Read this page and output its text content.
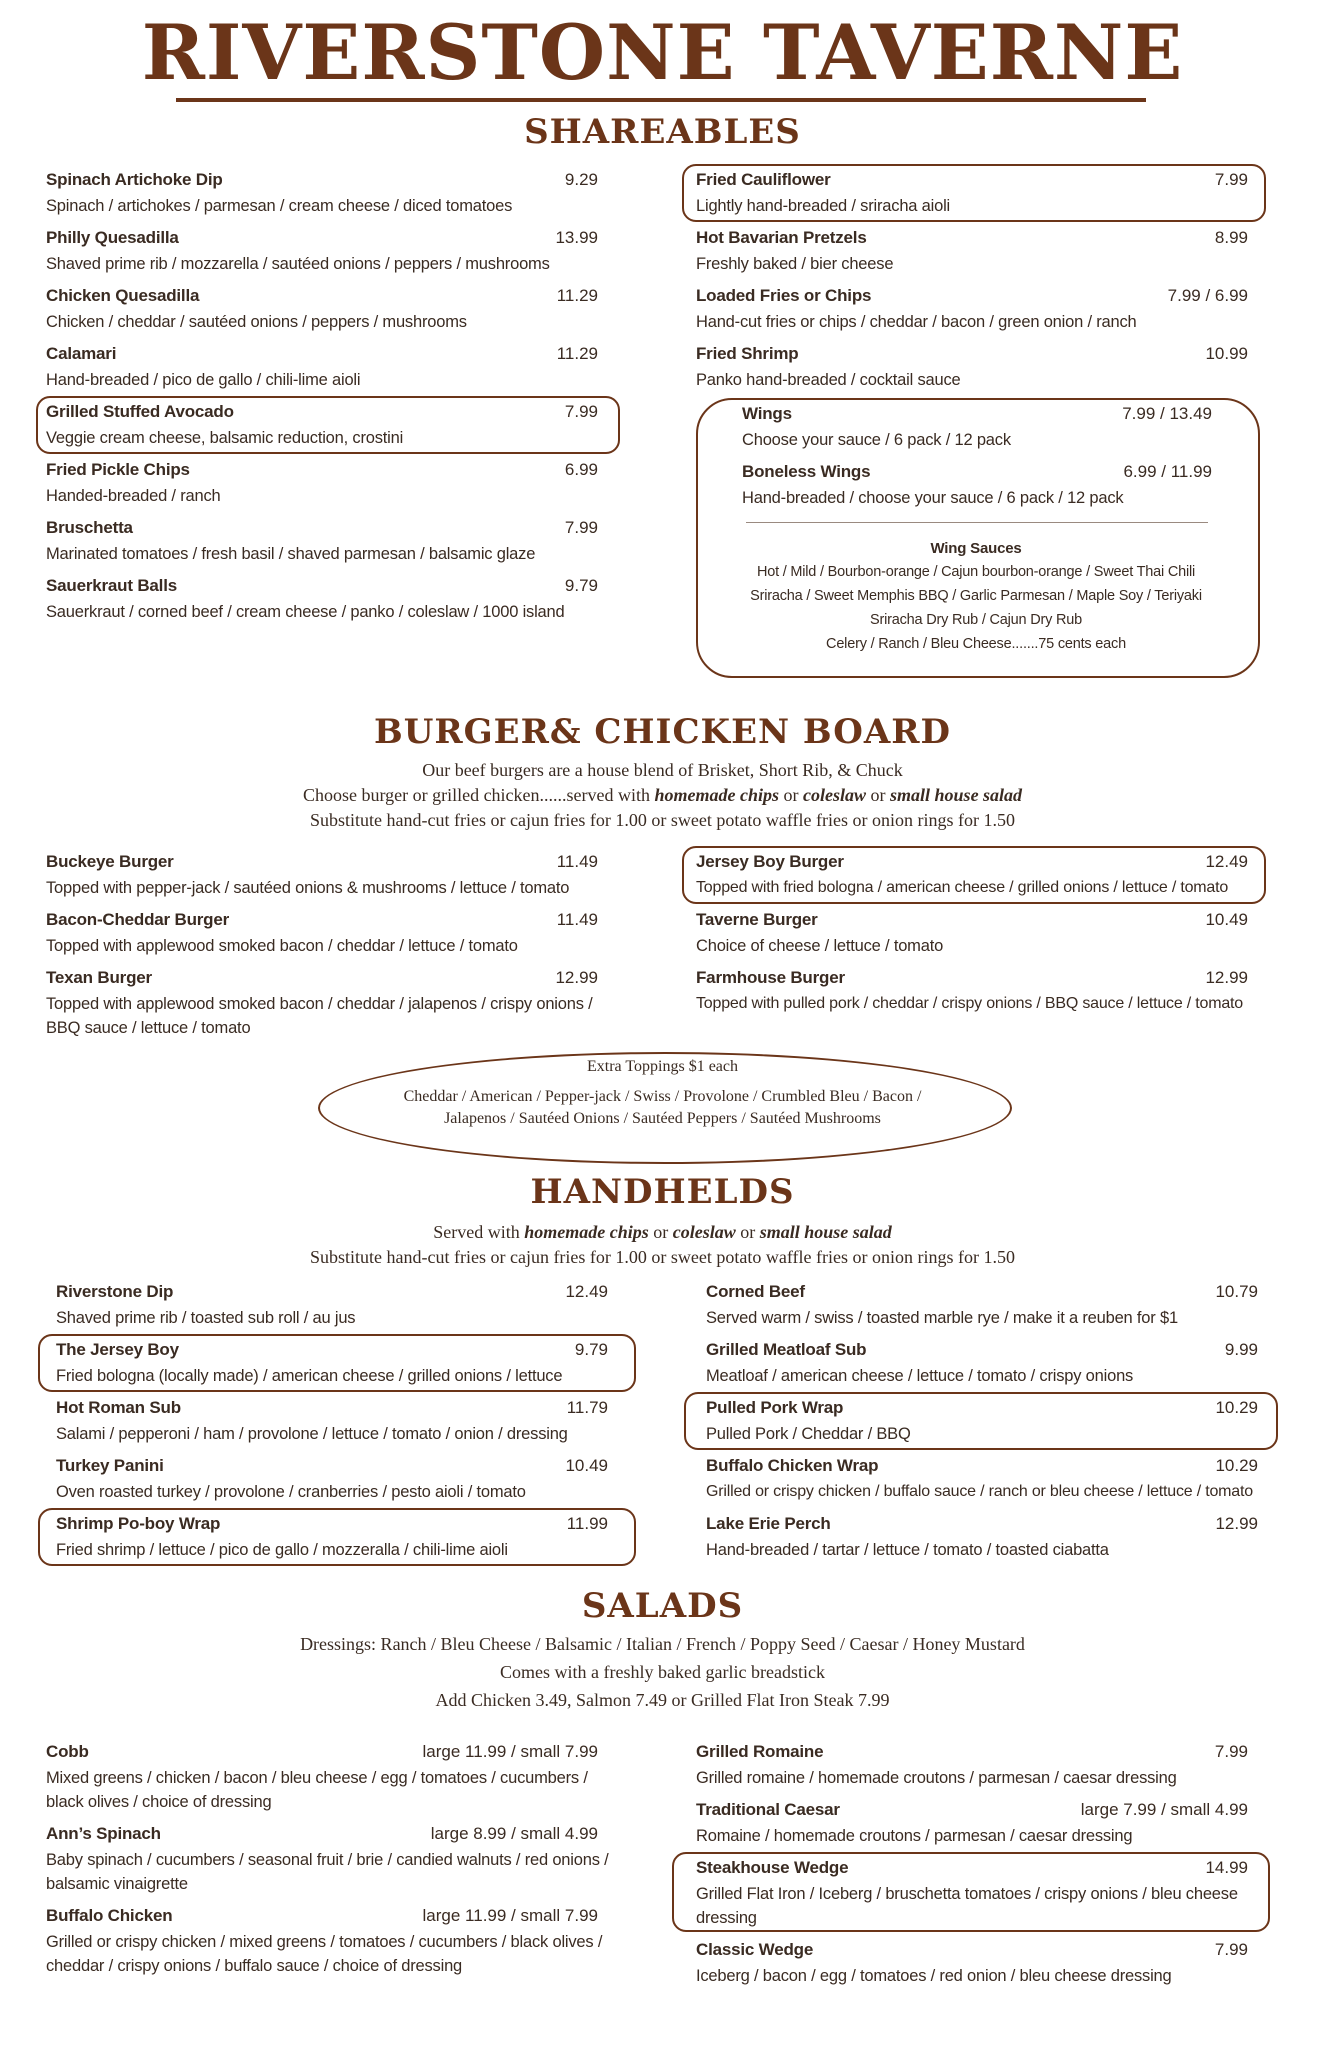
RIVERSTONE TAVERNE
SHAREABLES
Spinach Artichoke Dip	9.29
Spinach / artichokes / parmesan / cream cheese / diced tomatoes
Philly Quesadilla	13.99
Shaved prime rib / mozzarella / sautéed onions / peppers / mushrooms
Chicken Quesadilla	11.29
Chicken / cheddar / sautéed onions / peppers / mushrooms
Calamari	11.29
Hand-breaded / pico de gallo / chili-lime aioli
Grilled Stuffed Avocado	7.99
Veggie cream cheese, balsamic reduction, crostini
Fried Pickle Chips	6.99
Handed-breaded / ranch
Bruschetta	7.99
Marinated tomatoes / fresh basil / shaved parmesan / balsamic glaze
Sauerkraut Balls	9.79
Sauerkraut / corned beef / cream cheese / panko / coleslaw / 1000 island
Fried Cauliflower	7.99
Lightly hand-breaded / sriracha aioli
Hot Bavarian Pretzels	8.99
Freshly baked / bier cheese
Loaded Fries or Chips	7.99 / 6.99
Hand-cut fries or chips / cheddar / bacon / green onion / ranch
Fried Shrimp	10.99
Panko hand-breaded / cocktail sauce
Wings	7.99 / 13.49
Choose your sauce / 6 pack / 12 pack
Boneless Wings	6.99 / 11.99
Hand-breaded / choose your sauce / 6 pack / 12 pack
Wing Sauces
Hot / Mild / Bourbon-orange / Cajun bourbon-orange / Sweet Thai Chili
Sriracha / Sweet Memphis BBQ / Garlic Parmesan / Maple Soy / Teriyaki
Sriracha Dry Rub / Cajun Dry Rub
Celery / Ranch / Bleu Cheese.......75 cents each
BURGER& CHICKEN BOARD
Our beef burgers are a house blend of Brisket, Short Rib, & Chuck
Choose burger or grilled chicken......served with homemade chips or coleslaw or small house salad
Substitute hand-cut fries or cajun fries for 1.00 or sweet potato waffle fries or onion rings for 1.50
Buckeye Burger	11.49
Topped with pepper-jack / sautéed onions & mushrooms / lettuce / tomato
Bacon-Cheddar Burger	11.49
Topped with applewood smoked bacon / cheddar / lettuce / tomato
Texan Burger	12.99
Topped with applewood smoked bacon / cheddar / jalapenos / crispy onions / BBQ sauce / lettuce / tomato
Jersey Boy Burger	12.49
Topped with fried bologna / american cheese / grilled onions / lettuce / tomato
Taverne Burger	10.49
Choice of cheese / lettuce / tomato
Farmhouse Burger	12.99
Topped with pulled pork / cheddar / crispy onions / BBQ sauce / lettuce / tomato
Extra Toppings $1 each
Cheddar / American / Pepper-jack / Swiss / Provolone / Crumbled Bleu / Bacon /
Jalapenos / Sautéed Onions / Sautéed Peppers / Sautéed Mushrooms
HANDHELDS
Served with homemade chips or coleslaw or small house salad
Substitute hand-cut fries or cajun fries for 1.00 or sweet potato waffle fries or onion rings for 1.50
Riverstone Dip	12.49
Shaved prime rib / toasted sub roll / au jus
The Jersey Boy	9.79
Fried bologna (locally made) / american cheese / grilled onions / lettuce
Hot Roman Sub	11.79
Salami / pepperoni / ham / provolone / lettuce / tomato / onion / dressing
Turkey Panini	10.49
Oven roasted turkey / provolone / cranberries / pesto aioli / tomato
Shrimp Po-boy Wrap	11.99
Fried shrimp / lettuce / pico de gallo / mozzeralla / chili-lime aioli
Corned Beef	10.79
Served warm / swiss / toasted marble rye / make it a reuben for $1
Grilled Meatloaf Sub	9.99
Meatloaf / american cheese / lettuce / tomato / crispy onions
Pulled Pork Wrap	10.29
Pulled Pork / Cheddar / BBQ
Buffalo Chicken Wrap	10.29
Grilled or crispy chicken / buffalo sauce / ranch or bleu cheese / lettuce / tomato
Lake Erie Perch	12.99
Hand-breaded / tartar / lettuce / tomato / toasted ciabatta
SALADS
Dressings: Ranch / Bleu Cheese / Balsamic / Italian / French / Poppy Seed / Caesar / Honey Mustard
Comes with a freshly baked garlic breadstick
Add Chicken 3.49, Salmon 7.49 or Grilled Flat Iron Steak 7.99
Cobb	large 11.99 / small 7.99
Mixed greens / chicken / bacon / bleu cheese / egg / tomatoes / cucumbers / black olives / choice of dressing
Ann’s Spinach	large 8.99 / small 4.99
Baby spinach / cucumbers / seasonal fruit / brie / candied walnuts / red onions / balsamic vinaigrette
Buffalo Chicken	large 11.99 / small 7.99
Grilled or crispy chicken / mixed greens / tomatoes / cucumbers / black olives / cheddar / crispy onions / buffalo sauce / choice of dressing
Grilled Romaine	7.99
Grilled romaine / homemade croutons / parmesan / caesar dressing
Traditional Caesar	large 7.99 / small 4.99
Romaine / homemade croutons / parmesan / caesar dressing
Steakhouse Wedge	14.99
Grilled Flat Iron / Iceberg / bruschetta tomatoes / crispy onions / bleu cheese dressing
Classic Wedge	7.99
Iceberg / bacon / egg / tomatoes / red onion / bleu cheese dressing
